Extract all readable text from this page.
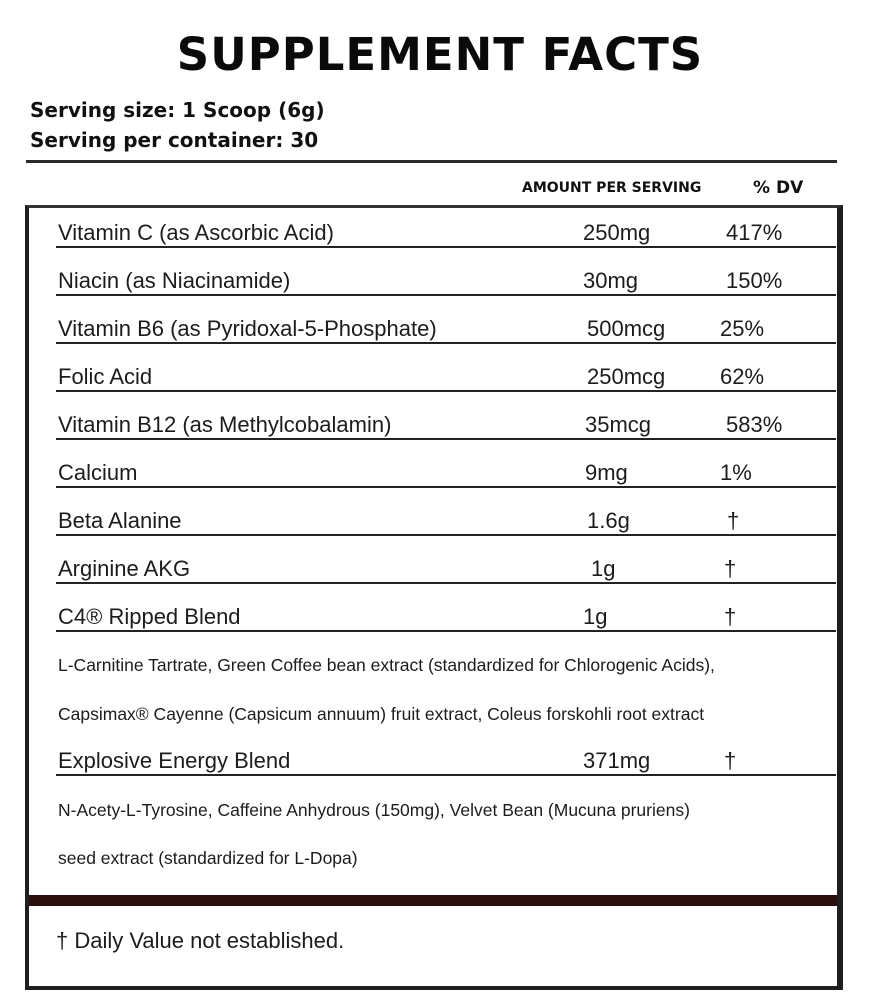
SUPPLEMENT FACTS
Serving size: 1 Scoop (6g)
Serving per container: 30
AMOUNT PER SERVING	% DV
Vitamin C (as Ascorbic Acid)	250mg	417%
Niacin (as Niacinamide)	30mg	150%
Vitamin B6 (as Pyridoxal-5-Phosphate)	500mcg 25%
Folic Acid	250mcg 62%
Vitamin B12 (as Methylcobalamin)	35mcg	583%
Calcium	9mg	1%
Beta Alanine	1.6g	†
Arginine AKG	1g	†
C4® Ripped Blend	1g	†
L-Carnitine Tartrate, Green Coffee bean extract (standardized for Chlorogenic Acids),
Capsimax® Cayenne (Capsicum annuum) fruit extract, Coleus forskohli root extract
Explosive Energy Blend	371mg	†
N-Acety-L-Tyrosine, Caffeine Anhydrous (150mg), Velvet Bean (Mucuna pruriens)
seed extract (standardized for L-Dopa)
† Daily Value not established.
